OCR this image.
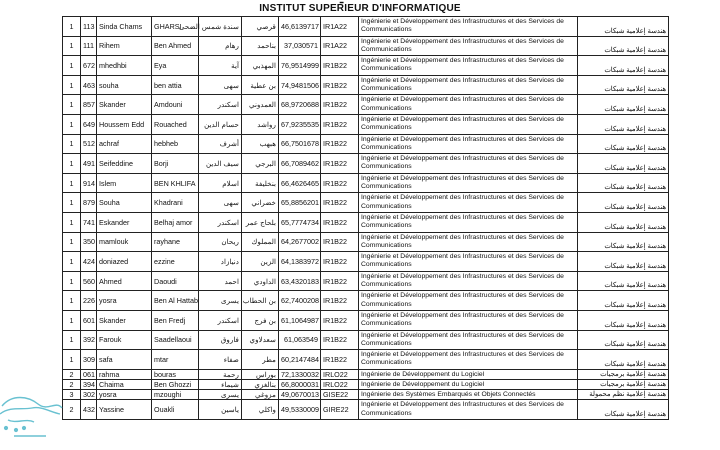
ـ
INSTITUT SUPERIEUR D'INFORMATIQUE
1	113	Sinda Chams	GHARSI	سندة شمس الضحى	قرصي	46,6139717	IR1A22	Ingénierie et Développement des Infrastructures et des Services de Communications	هندسة إعلامية شبكات
1	111	Rihem	Ben Ahmed	رهام	بناحمد	37,030571	IR1A22	Ingénierie et Développement des Infrastructures et des Services de Communications	هندسة إعلامية شبكات
1	672	mhedhbi	Eya	آية	المهذبي	76,9514999	IR1B22	Ingénierie et Développement des Infrastructures et des Services de Communications	هندسة إعلامية شبكات
1	463	souha	ben attia	سهى	بن عطية	74,9481506	IR1B22	Ingénierie et Développement des Infrastructures et des Services de Communications	هندسة إعلامية شبكات
1	857	Skander	Amdouni	اسكندر	العمدوني	68,9720688	IR1B22	Ingénierie et Développement des Infrastructures et des Services de Communications	هندسة إعلامية شبكات
1	649	Houssem Edd	Rouached	حسام الدين	رواشد	67,9235535	IR1B22	Ingénierie et Développement des Infrastructures et des Services de Communications	هندسة إعلامية شبكات
1	512	achraf	hebheb	أشرف	هبهب	66,7501678	IR1B22	Ingénierie et Développement des Infrastructures et des Services de Communications	هندسة إعلامية شبكات
1	491	Seifeddine	Borji	سيف الدين	البرجي	66,7089462	IR1B22	Ingénierie et Développement des Infrastructures et des Services de Communications	هندسة إعلامية شبكات
1	914	Islem	BEN KHLIFA	اسلام	بنخليفة	66,4626465	IR1B22	Ingénierie et Développement des Infrastructures et des Services de Communications	هندسة إعلامية شبكات
1	879	Souha	Khadrani	سهى	خضراني	65,8856201	IR1B22	Ingénierie et Développement des Infrastructures et des Services de Communications	هندسة إعلامية شبكات
1	741	Eskander	Belhaj amor	اسكندر	بلحاج عمر	65,7774734	IR1B22	Ingénierie et Développement des Infrastructures et des Services de Communications	هندسة إعلامية شبكات
1	350	mamlouk	rayhane	ريحان	المملوك	64,2677002	IR1B22	Ingénierie et Développement des Infrastructures et des Services de Communications	هندسة إعلامية شبكات
1	424	doniazed	ezzine	دنيازاد	الزين	64,1383972	IR1B22	Ingénierie et Développement des Infrastructures et des Services de Communications	هندسة إعلامية شبكات
1	560	Ahmed	Daoudi	احمد	الداودي	63,4320183	IR1B22	Ingénierie et Développement des Infrastructures et des Services de Communications	هندسة إعلامية شبكات
1	226	yosra	Ben Al Hattab	يسرى	بن الحطاب	62,7400208	IR1B22	Ingénierie et Développement des Infrastructures et des Services de Communications	هندسة إعلامية شبكات
1	601	Skander	Ben Fredj	اسكندر	بن فرج	61,1064987	IR1B22	Ingénierie et Développement des Infrastructures et des Services de Communications	هندسة إعلامية شبكات
1	392	Farouk	Saadellaoui	فاروق	سعدلاوي	61,063549	IR1B22	Ingénierie et Développement des Infrastructures et des Services de Communications	هندسة إعلامية شبكات
1	309	safa	mtar	صفاء	مطر	60,2147484	IR1B22	Ingénierie et Développement des Infrastructures et des Services de Communications	هندسة إعلامية شبكات
2	061	rahma	bouras	رحمة	بوراس	72,1330032	IRLO22	Ingénierie de Développement du Logiciel	هندسة إعلامية برمجيات
2	394	Chaima	Ben Ghozzi	شيماء	بنالغزي	66,8000031	IRLO22	Ingénierie de Développement du Logiciel	هندسة إعلامية برمجيات
3	302	yosra	mzoughi	يسرى	مزوغي	49,0670013	GISE22	Ingénierie des Systèmes Embarqués et Objets Connectés	هندسة إعلامية نظم محمولة
2	432	Yassine	Ouakli	ياسين	واكلي	49,5330009	GIRE22	Ingénierie et Développement des Infrastructures et des Services de Communications	هندسة إعلامية شبكات
